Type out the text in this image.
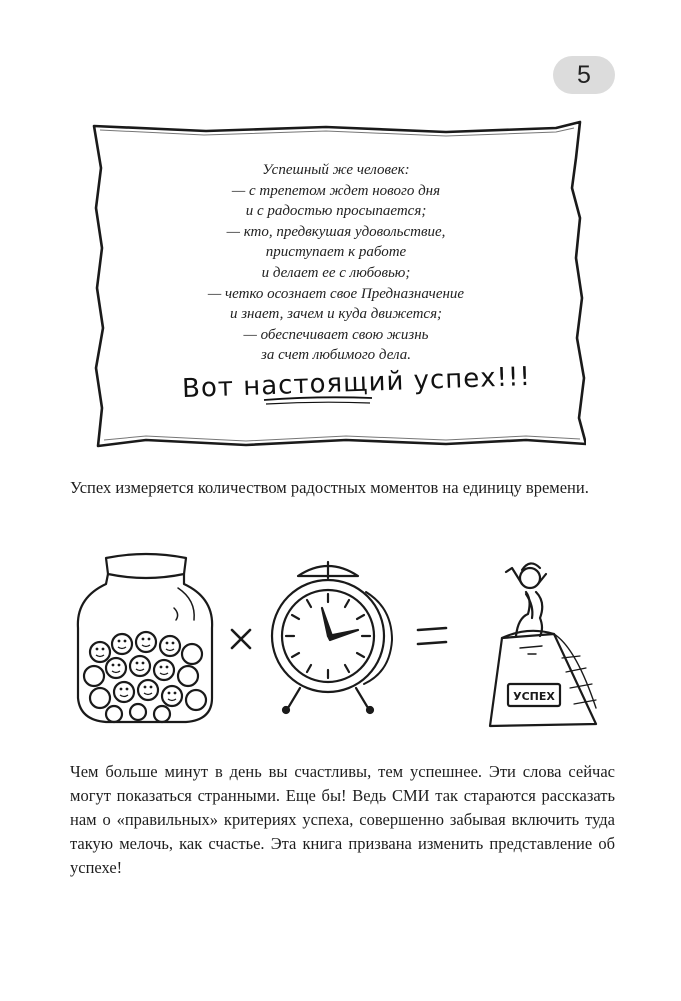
5
Успешный же человек:
— с трепетом ждет нового дня
и с радостью просыпается;
— кто, предвкушая удовольствие,
приступает к работе
и делает ее с любовью;
— четко осознает свое Предназначение
и знает, зачем и куда движется;
— обеспечивает свою жизнь
за счет любимого дела.
Вот настоящий успех!!!
Успех измеряется количеством радостных моментов на единицу времени.
УСПЕХ
Чем больше минут в день вы счастливы, тем успешнее. Эти слова сейчас могут показаться странными. Еще бы! Ведь СМИ так стараются рассказать нам о «правильных» критериях успеха, совершенно забывая включить туда такую мелочь, как счастье. Эта книга призвана изменить представление об успехе!
